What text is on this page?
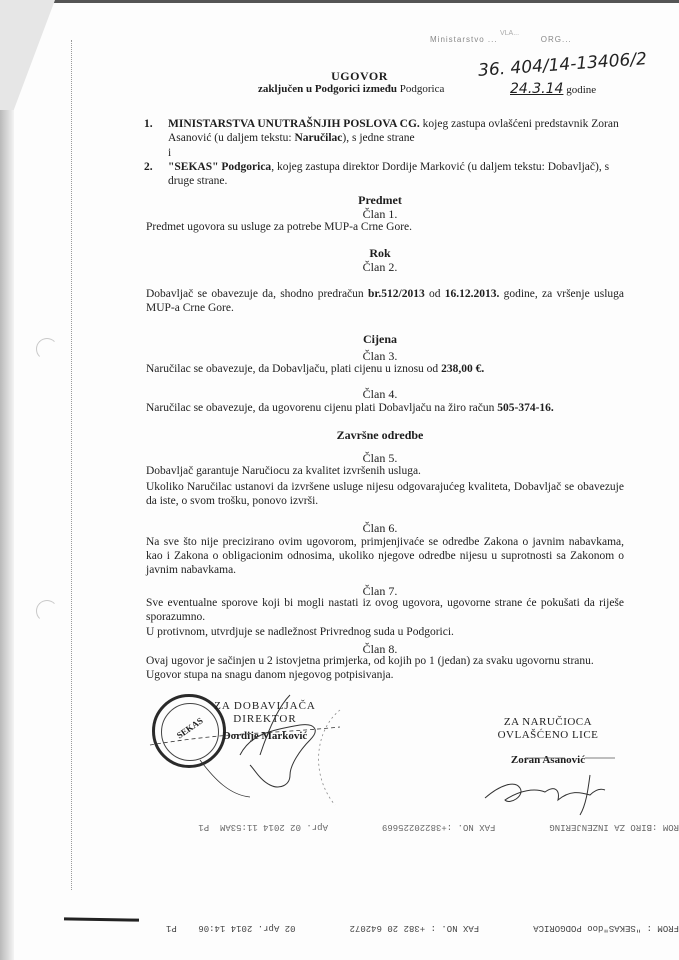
VLA...
Ministarstvo ...	ORG...
36. 404/14-13406/2
UGOVOR
zaključen u Podgorici između Podgorica	24.3.14 godine
1. MINISTARSTVA UNUTRAŠNJIH POSLOVA CG. kojeg zastupa ovlašćeni predstavnik Zoran Asanović (u daljem tekstu: Naručilac), s jedne strane
i
2. "SEKAS" Podgorica, kojeg zastupa direktor Dordije Marković (u daljem tekstu: Dobavljač), s druge strane.
Predmet
Član 1.
Predmet ugovora su usluge za potrebe MUP-a Crne Gore.
Rok
Član 2.
Dobavljač se obavezuje da, shodno predračun br.512/2013 od 16.12.2013. godine, za vršenje usluga MUP-a Crne Gore.
Cijena
Član 3.
Naručilac se obavezuje, da Dobavljaču, plati cijenu u iznosu od 238,00 €.
Član 4.
Naručilac se obavezuje, da ugovorenu cijenu plati Dobavljaču na žiro račun 505-374-16.
Završne odredbe
Član 5.
Dobavljač garantuje Naručiocu za kvalitet izvršenih usluga.
Ukoliko Naručilac ustanovi da izvršene usluge nijesu odgovarajućeg kvaliteta, Dobavljač se obavezuje da iste, o svom trošku, ponovo izvrši.
Član 6.
Na sve što nije precizirano ovim ugovorom, primjenjivaće se odredbe Zakona o javnim nabavkama, kao i Zakona o obligacionim odnosima, ukoliko njegove odredbe nijesu u suprotnosti sa Zakonom o javnim nabavkama.
Član 7.
Sve eventualne sporove koji bi mogli nastati iz ovog ugovora, ugovorne strane će pokušati da riješe sporazumno.
U protivnom, utvrdjuje se nadležnost Privrednog suda u Podgorici.
Član 8.
Ovaj ugovor je sačinjen u 2 istovjetna primjerka, od kojih po 1 (jedan) za svaku ugovornu stranu.
Ugovor stupa na snagu danom njegovog potpisivanja.
SEKAS
ZA DOBAVLJAČA
DIREKTOR
Dordije Marković
ZA NARUČIOCA
OVLAŠĆENO LICE
Zoran Asanović
ROM :BIRO ZA INZENJERING          FAX NO. :+38220225669          Apr. 02 2014 11:53AM  P1
FROM : "SEKAS"doo PODGORICA          FAX NO. : +382 20 642072          02 Apr. 2014 14:06    P1
